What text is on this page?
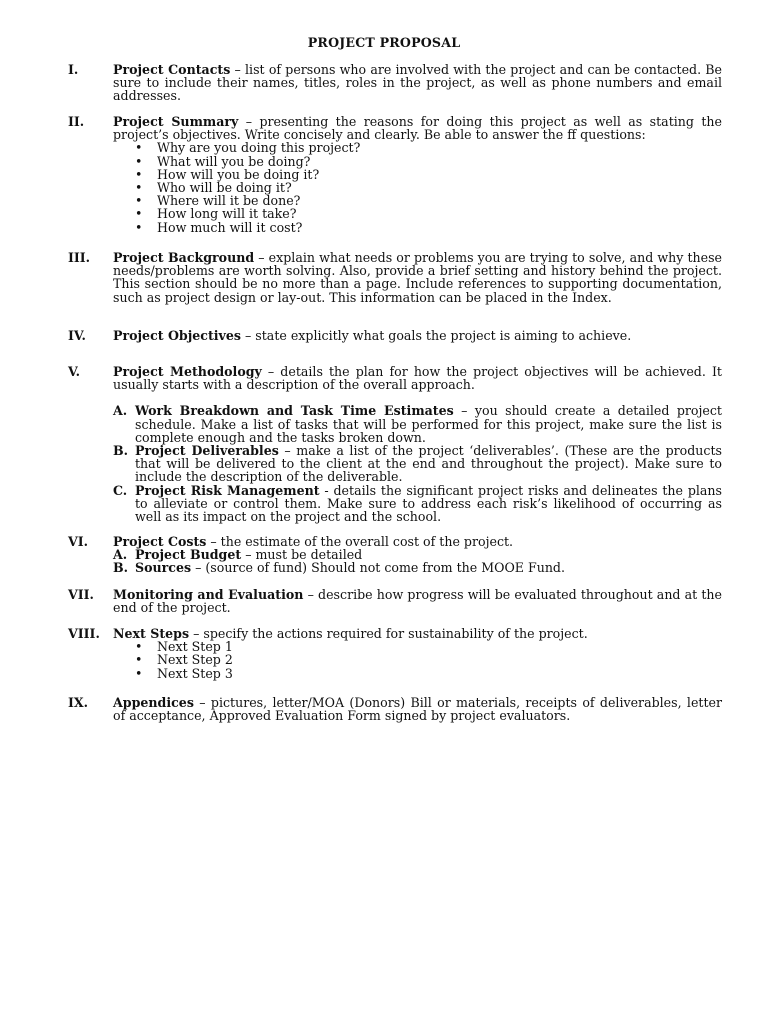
PROJECT PROPOSAL
I.	Project Contacts – list of persons who are involved with the project and can be contacted. Be sure to include their names, titles, roles in the project, as well as phone numbers and email addresses.
II. Project Summary – presenting the reasons for doing this project as well as stating the project’s objectives. Write concisely and clearly. Be able to answer the ff questions:
• Why are you doing this project?
• What will you be doing?
• How will you be doing it?
• Who will be doing it?
• Where will it be done?
• How long will it take?
• How much will it cost?
III. Project Background – explain what needs or problems you are trying to solve, and why these needs/problems are worth solving. Also, provide a brief setting and history behind the project. This section should be no more than a page. Include references to supporting documentation, such as project design or lay-out. This information can be placed in the Index.
IV. Project Objectives – state explicitly what goals the project is aiming to achieve.
V.	Project Methodology – details the plan for how the project objectives will be achieved. It usually starts with a description of the overall approach.
A. Work Breakdown and Task Time Estimates – you should create a detailed project schedule. Make a list of tasks that will be performed for this project, make sure the list is complete enough and the tasks broken down.
B. Project Deliverables – make a list of the project ‘deliverables’. (These are the products that will be delivered to the client at the end and throughout the project). Make sure to include the description of the deliverable.
C. Project Risk Management - details the significant project risks and delineates the plans to alleviate or control them. Make sure to address each risk’s likelihood of occurring as well as its impact on the project and the school.
VI. Project Costs – the estimate of the overall cost of the project.
A. Project Budget – must be detailed
B. Sources – (source of fund) Should not come from the MOOE Fund.
VII. Monitoring and Evaluation – describe how progress will be evaluated throughout and at the end of the project.
VIII. Next Steps – specify the actions required for sustainability of the project.
• Next Step 1
• Next Step 2
• Next Step 3
IX. Appendices – pictures, letter/MOA (Donors) Bill or materials, receipts of deliverables, letter of acceptance, Approved Evaluation Form signed by project evaluators.
